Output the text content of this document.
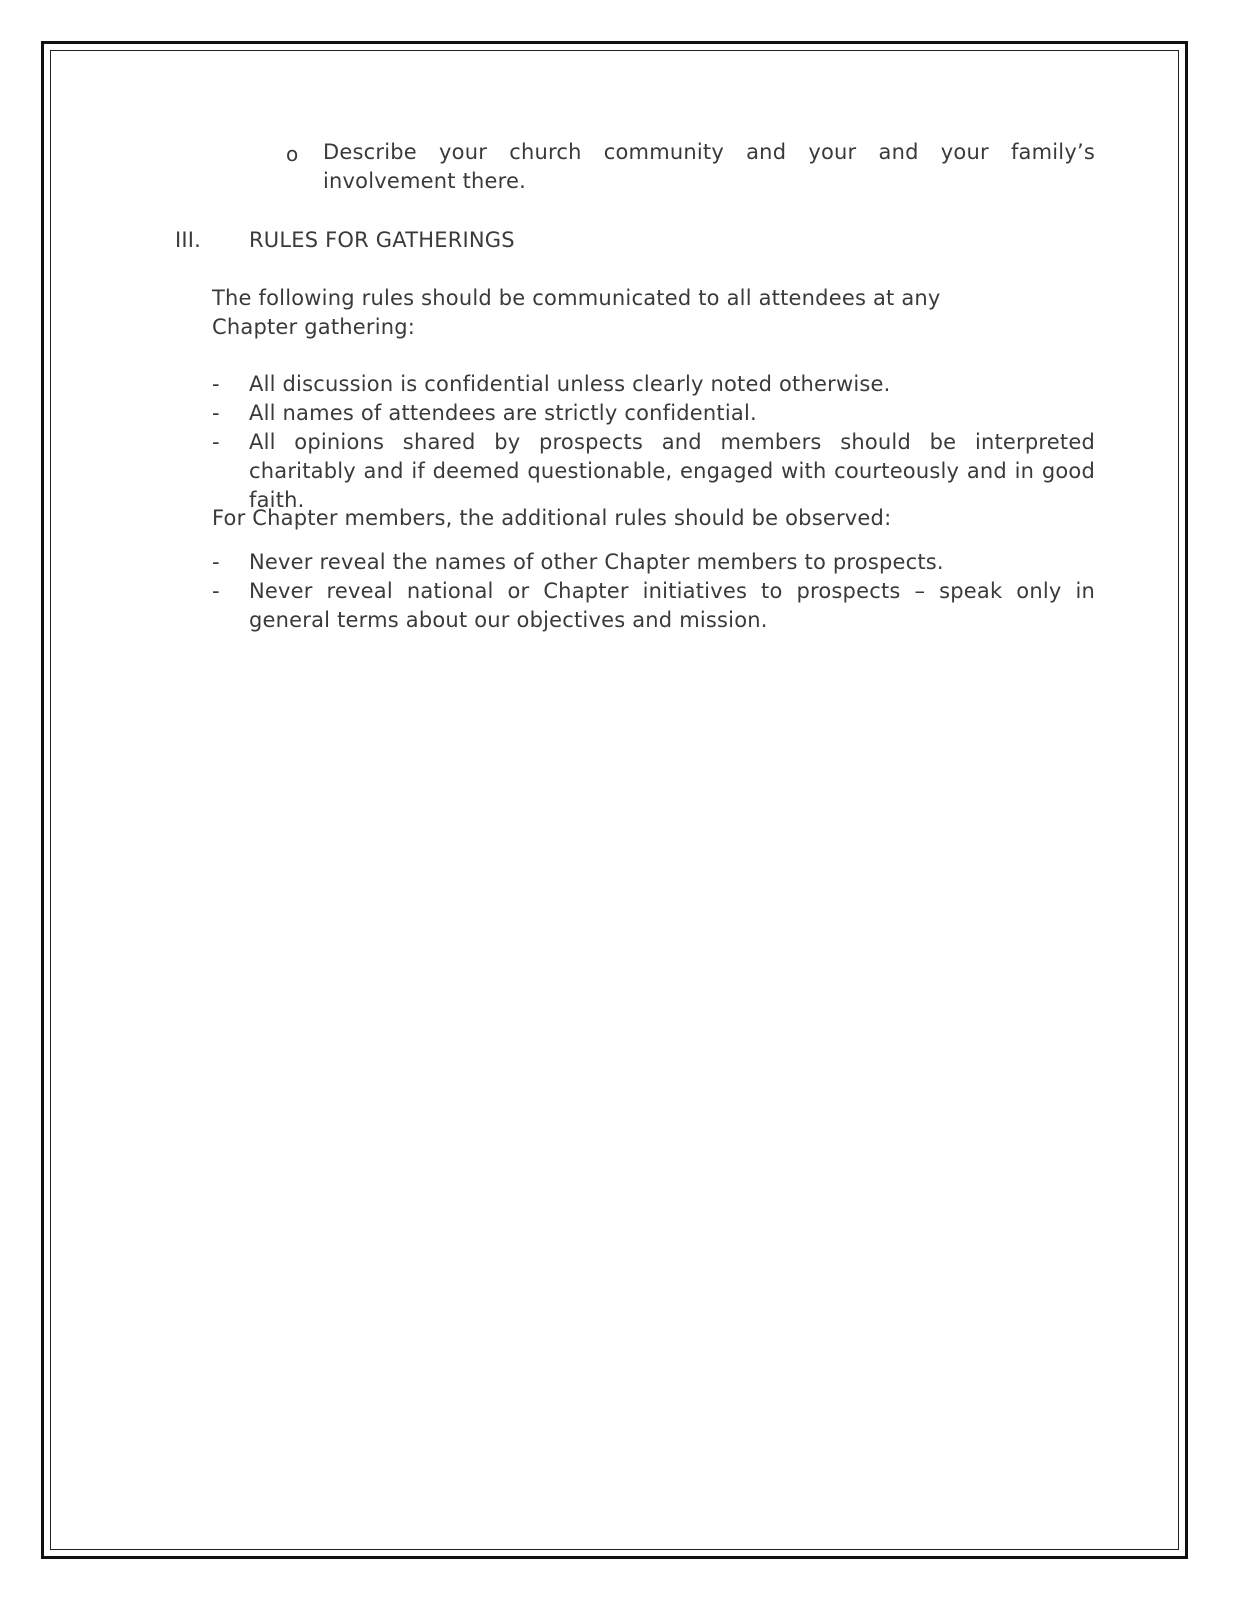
o Describe your church community and your and your family’s involvement there.
III. RULES FOR GATHERINGS
The following rules should be communicated to all attendees at any Chapter gathering:
- All discussion is confidential unless clearly noted otherwise.
- All names of attendees are strictly confidential.
- All opinions shared by prospects and members should be interpreted charitably and if deemed questionable, engaged with courteously and in good faith.
For Chapter members, the additional rules should be observed:
- Never reveal the names of other Chapter members to prospects.
- Never reveal national or Chapter initiatives to prospects – speak only in general terms about our objectives and mission.
